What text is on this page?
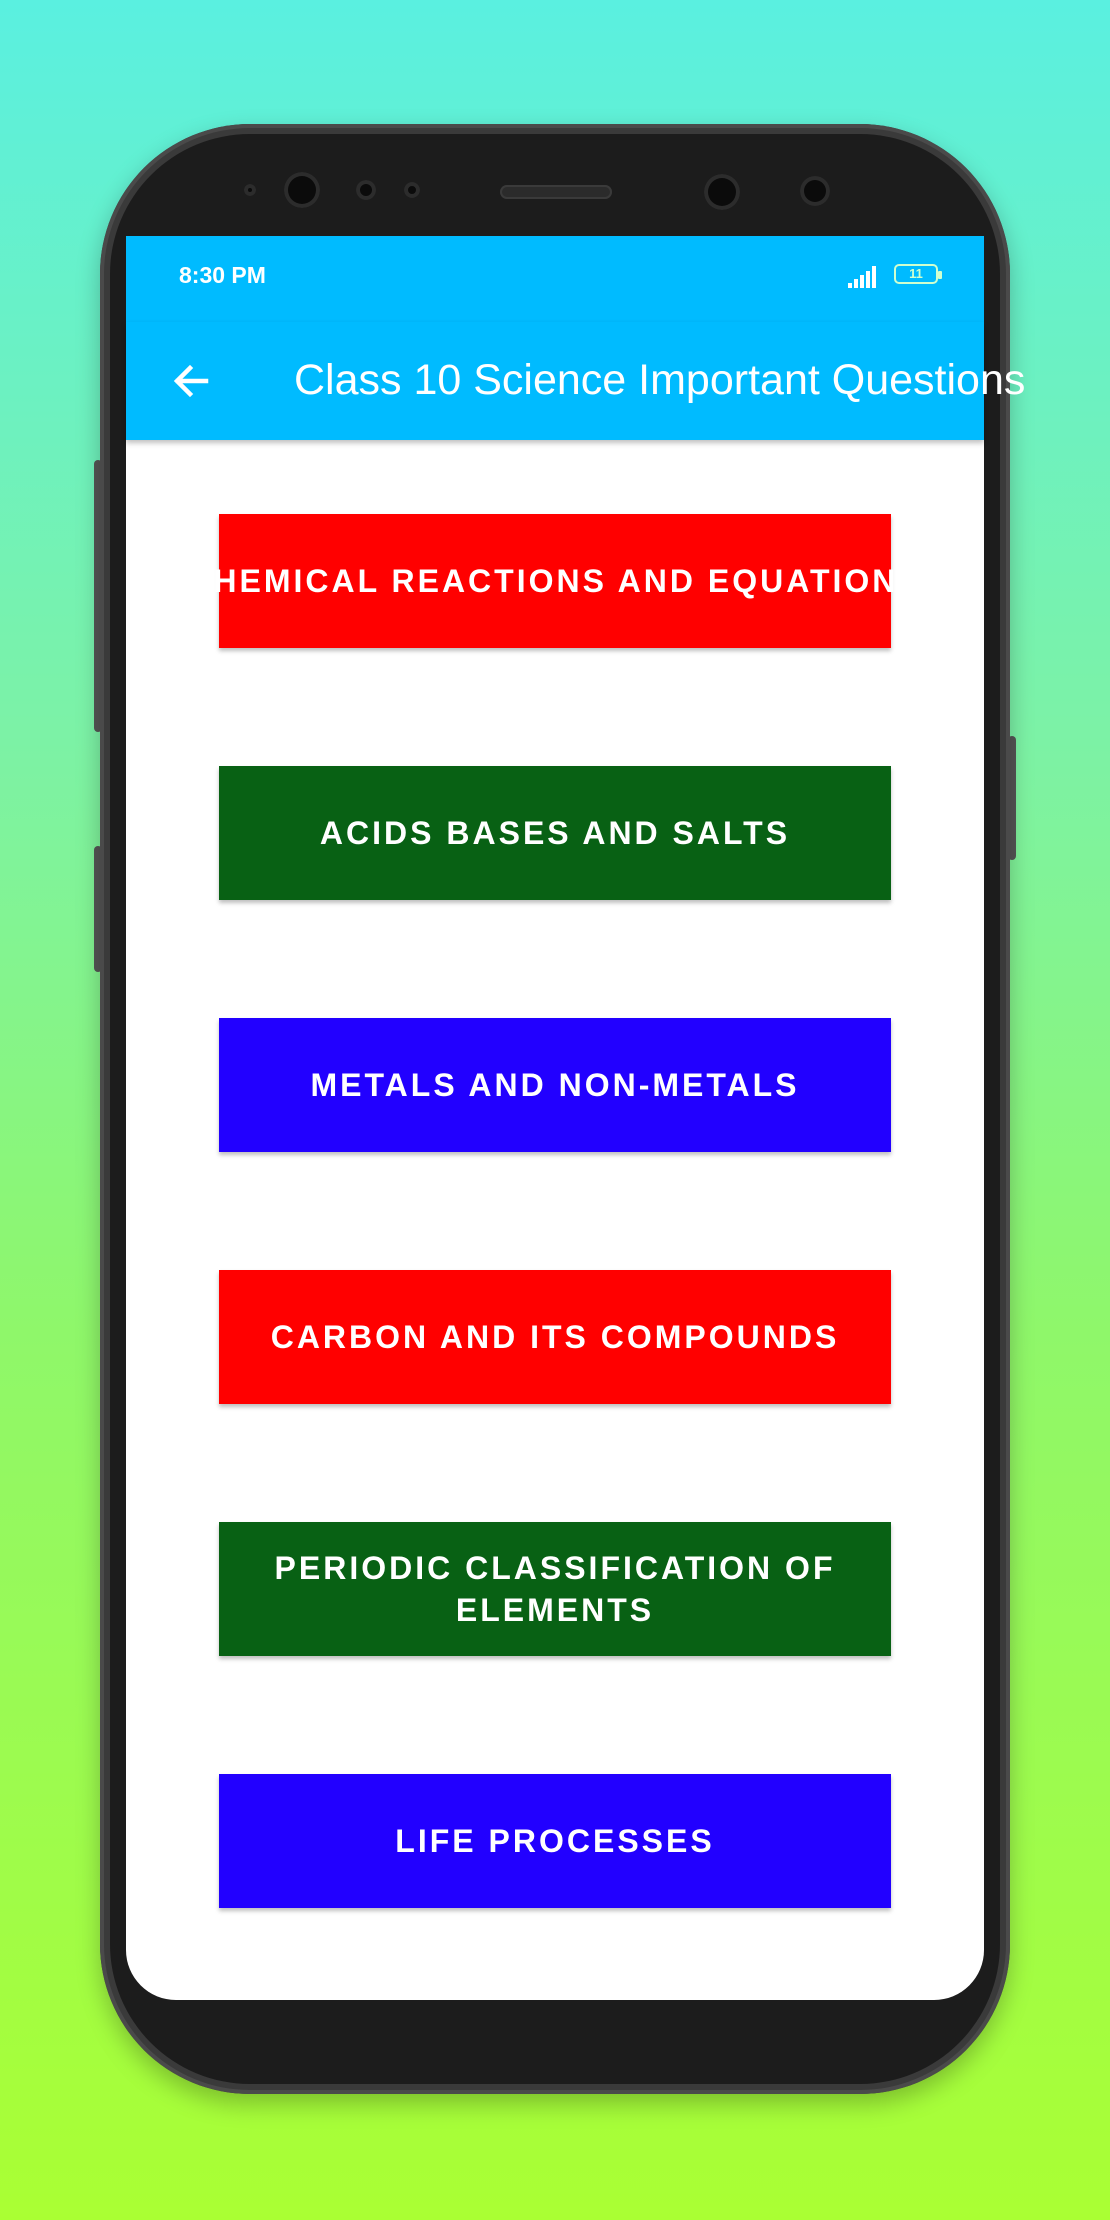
8:30 PM	11
Class 10 Science Important Questions
CHEMICAL REACTIONS AND EQUATIONS
ACIDS BASES AND SALTS
METALS AND NON-METALS
CARBON AND ITS COMPOUNDS
PERIODIC CLASSIFICATION OF ELEMENTS
LIFE PROCESSES
